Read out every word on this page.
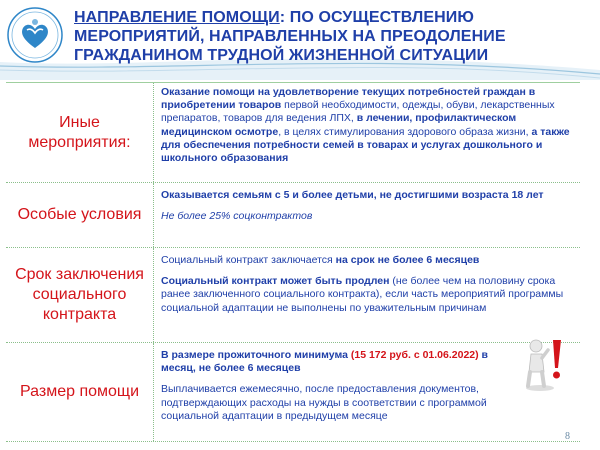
НАПРАВЛЕНИЕ ПОМОЩИ: ПО ОСУЩЕСТВЛЕНИЮ МЕРОПРИЯТИЙ, НАПРАВЛЕННЫХ НА ПРЕОДОЛЕНИЕ ГРАЖДАНИНОМ ТРУДНОЙ ЖИЗНЕННОЙ СИТУАЦИИ
Иные мероприятия:
Оказание помощи на удовлетворение текущих потребностей граждан в приобретении товаров первой необходимости, одежды, обуви, лекарственных препаратов, товаров для ведения ЛПХ, в лечении, профилактическом медицинском осмотре, в целях стимулирования здорового образа жизни, а также для обеспечения потребности семей в товарах и услугах дошкольного и школьного образования
Особые условия
Оказывается семьям с 5 и более детьми, не достигшими возраста 18 лет
Не более 25% соцконтрактов
Срок заключения социального контракта
Социальный контракт заключается на срок не более 6 месяцев
Социальный контракт может быть продлен (не более чем на половину срока ранее заключенного социального контракта), если часть мероприятий программы социальной адаптации не выполнены по уважительным причинам
Размер помощи
В размере прожиточного минимума (15 172 руб. с 01.06.2022) в месяц, не более 6 месяцев
Выплачивается ежемесячно, после предоставления документов, подтверждающих расходы на нужды в соответствии с программой социальной адаптации в предыдущем месяце
8
